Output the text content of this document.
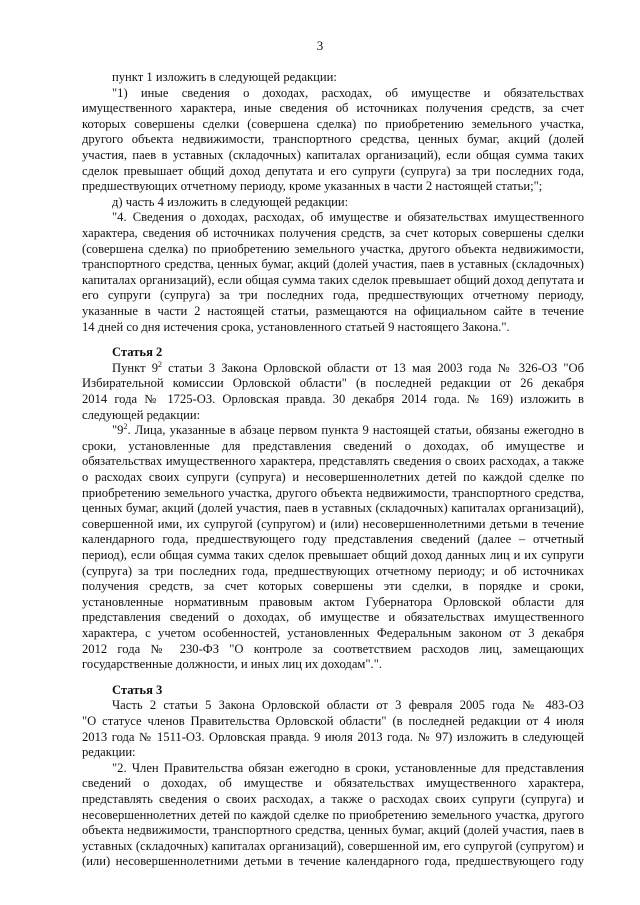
3
пункт 1 изложить в следующей редакции:
"1) иные сведения о доходах, расходах, об имуществе и обязательствах
имущественного характера, иные сведения об источниках получения средств, за счет
которых совершены сделки (совершена сделка) по приобретению земельного участка,
другого объекта недвижимости, транспортного средства, ценных бумаг, акций (долей
участия, паев в уставных (складочных) капиталах организаций), если общая сумма таких
сделок превышает общий доход депутата и его супруги (супруга) за три последних года,
предшествующих отчетному периоду, кроме указанных в части 2 настоящей статьи;";
д) часть 4 изложить в следующей редакции:
"4. Сведения о доходах, расходах, об имуществе и обязательствах имущественного
характера, сведения об источниках получения средств, за счет которых совершены сделки
(совершена сделка) по приобретению земельного участка, другого объекта недвижимости,
транспортного средства, ценных бумаг, акций (долей участия, паев в уставных (складочных)
капиталах организаций), если общая сумма таких сделок превышает общий доход депутата и
его супруги (супруга) за три последних года, предшествующих отчетному периоду,
указанные в части 2 настоящей статьи, размещаются на официальном сайте в течение
14 дней со дня истечения срока, установленного статьей 9 настоящего Закона.".
Статья 2
Пункт $9^2$ статьи 3 Закона Орловской области от 13 мая 2003 года № 326-ОЗ "Об
Избирательной комиссии Орловской области" (в последней редакции от 26 декабря
2014 года № 1725-ОЗ. Орловская правда. 30 декабря 2014 года. № 169) изложить в
следующей редакции:
"$9^2$. Лица, указанные в абзаце первом пункта 9 настоящей статьи, обязаны ежегодно в
сроки, установленные для представления сведений о доходах, об имуществе и
обязательствах имущественного характера, представлять сведения о своих расходах, а также
о расходах своих супруги (супруга) и несовершеннолетних детей по каждой сделке по
приобретению земельного участка, другого объекта недвижимости, транспортного средства,
ценных бумаг, акций (долей участия, паев в уставных (складочных) капиталах организаций),
совершенной ими, их супругой (супругом) и (или) несовершеннолетними детьми в течение
календарного года, предшествующего году представления сведений (далее – отчетный
период), если общая сумма таких сделок превышает общий доход данных лиц и их супруги
(супруга) за три последних года, предшествующих отчетному периоду; и об источниках
получения средств, за счет которых совершены эти сделки, в порядке и сроки,
установленные нормативным правовым актом Губернатора Орловской области для
представления сведений о доходах, об имуществе и обязательствах имущественного
характера, с учетом особенностей, установленных Федеральным законом от 3 декабря
2012 года № 230-ФЗ "О контроле за соответствием расходов лиц, замещающих
государственные должности, и иных лиц их доходам".".
Статья 3
Часть 2 статьи 5 Закона Орловской области от 3 февраля 2005 года № 483-ОЗ
"О статусе членов Правительства Орловской области" (в последней редакции от 4 июля
2013 года № 1511-ОЗ. Орловская правда. 9 июля 2013 года. № 97) изложить в следующей
редакции:
"2. Член Правительства обязан ежегодно в сроки, установленные для представления
сведений о доходах, об имуществе и обязательствах имущественного характера,
представлять сведения о своих расходах, а также о расходах своих супруги (супруга) и
несовершеннолетних детей по каждой сделке по приобретению земельного участка, другого
объекта недвижимости, транспортного средства, ценных бумаг, акций (долей участия, паев в
уставных (складочных) капиталах организаций), совершенной им, его супругой (супругом) и
(или) несовершеннолетними детьми в течение календарного года, предшествующего году
